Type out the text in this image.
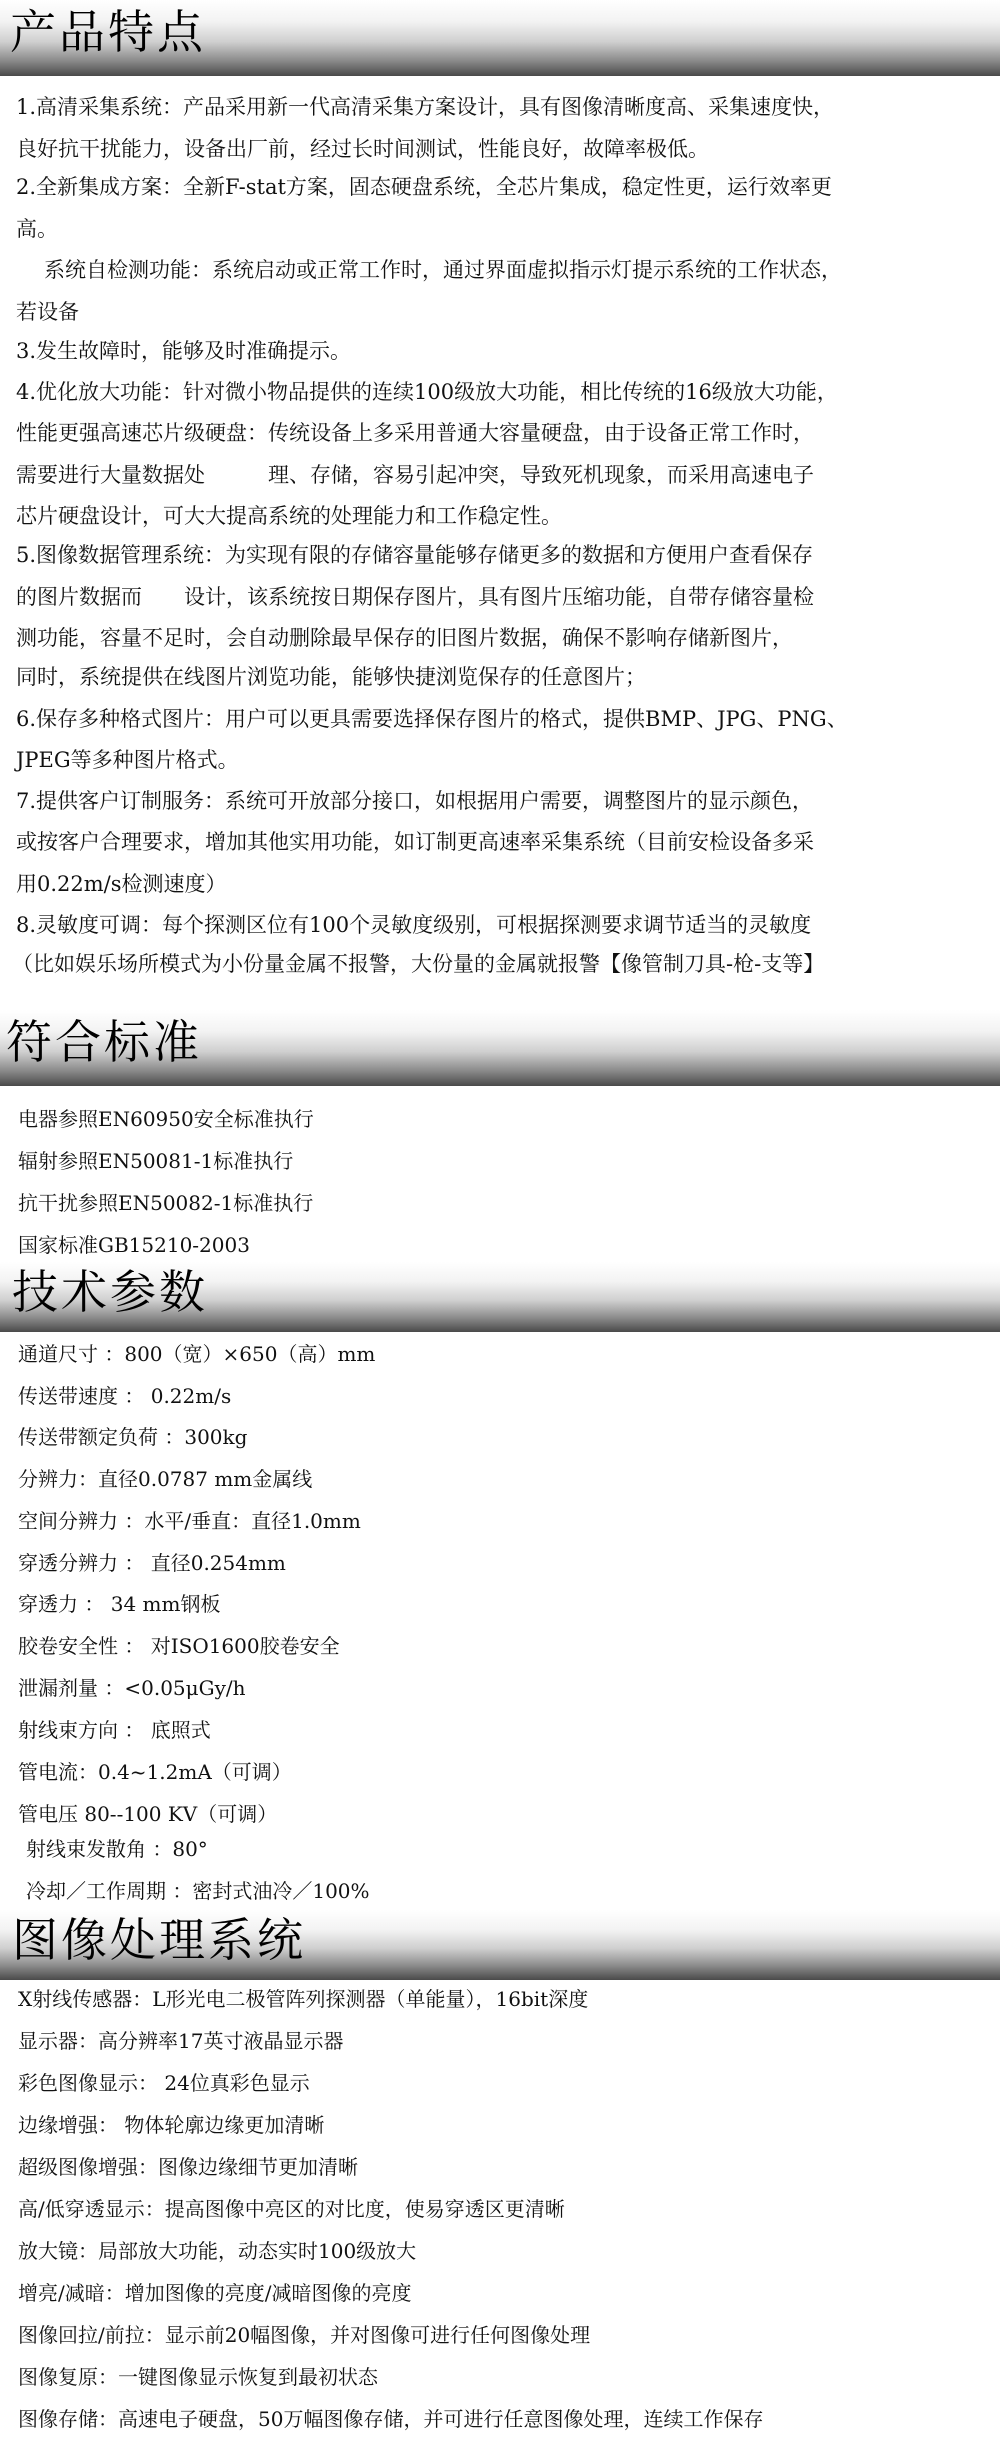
产品特点
1.高清采集系统：产品采用新一代高清采集方案设计，具有图像清晰度高、采集速度快，
良好抗干扰能力，设备出厂前，经过长时间测试，性能良好，故障率极低。
2.全新集成方案：全新F-stat方案，固态硬盘系统，全芯片集成，稳定性更，运行效率更
高。
系统自检测功能：系统启动或正常工作时，通过界面虚拟指示灯提示系统的工作状态，
若设备
3.发生故障时，能够及时准确提示。
4.优化放大功能：针对微小物品提供的连续100级放大功能，相比传统的16级放大功能，
性能更强高速芯片级硬盘：传统设备上多采用普通大容量硬盘，由于设备正常工作时，
需要进行大量数据处　　　理、存储，容易引起冲突，导致死机现象，而采用高速电子
芯片硬盘设计，可大大提高系统的处理能力和工作稳定性。
5.图像数据管理系统：为实现有限的存储容量能够存储更多的数据和方便用户查看保存
的图片数据而　　设计，该系统按日期保存图片，具有图片压缩功能，自带存储容量检
测功能，容量不足时，会自动删除最早保存的旧图片数据，确保不影响存储新图片，
同时，系统提供在线图片浏览功能，能够快捷浏览保存的任意图片；
6.保存多种格式图片：用户可以更具需要选择保存图片的格式，提供BMP、JPG、PNG、
JPEG等多种图片格式。
7.提供客户订制服务：系统可开放部分接口，如根据用户需要，调整图片的显示颜色，
或按客户合理要求，增加其他实用功能，如订制更高速率采集系统（目前安检设备多采
用0.22m/s检测速度）
8.灵敏度可调：每个探测区位有100个灵敏度级别，可根据探测要求调节适当的灵敏度
（比如娱乐场所模式为小份量金属不报警，大份量的金属就报警【像管制刀具-枪-支等】
符合标准
电器参照EN60950安全标准执行
辐射参照EN50081-1标准执行
抗干扰参照EN50082-1标准执行
国家标准GB15210-2003
技术参数
通道尺寸 ：800（宽）×650（高）mm
传送带速度 ： 0.22m/s
传送带额定负荷 ：300kg
分辨力：直径0.0787 mm金属线
空间分辨力 ：水平/垂直：直径1.0mm
穿透分辨力 ： 直径0.254mm
穿透力 ： 34 mm钢板
胶卷安全性 ： 对ISO1600胶卷安全
泄漏剂量 ：<0.05μGy/h
射线束方向 ： 底照式
管电流：0.4~1.2mA（可调）
管电压 80--100 KV（可调）
射线束发散角 ：80°
冷却／工作周期 ：密封式油冷／100%
图像处理系统
X射线传感器：L形光电二极管阵列探测器（单能量），16bit深度
显示器：高分辨率17英寸液晶显示器
彩色图像显示： 24位真彩色显示
边缘增强： 物体轮廓边缘更加清晰
超级图像增强：图像边缘细节更加清晰
高/低穿透显示：提高图像中亮区的对比度，使易穿透区更清晰
放大镜：局部放大功能，动态实时100级放大
增亮/减暗：增加图像的亮度/减暗图像的亮度
图像回拉/前拉：显示前20幅图像，并对图像可进行任何图像处理
图像复原：一键图像显示恢复到最初状态
图像存储：高速电子硬盘，50万幅图像存储，并可进行任意图像处理，连续工作保存
